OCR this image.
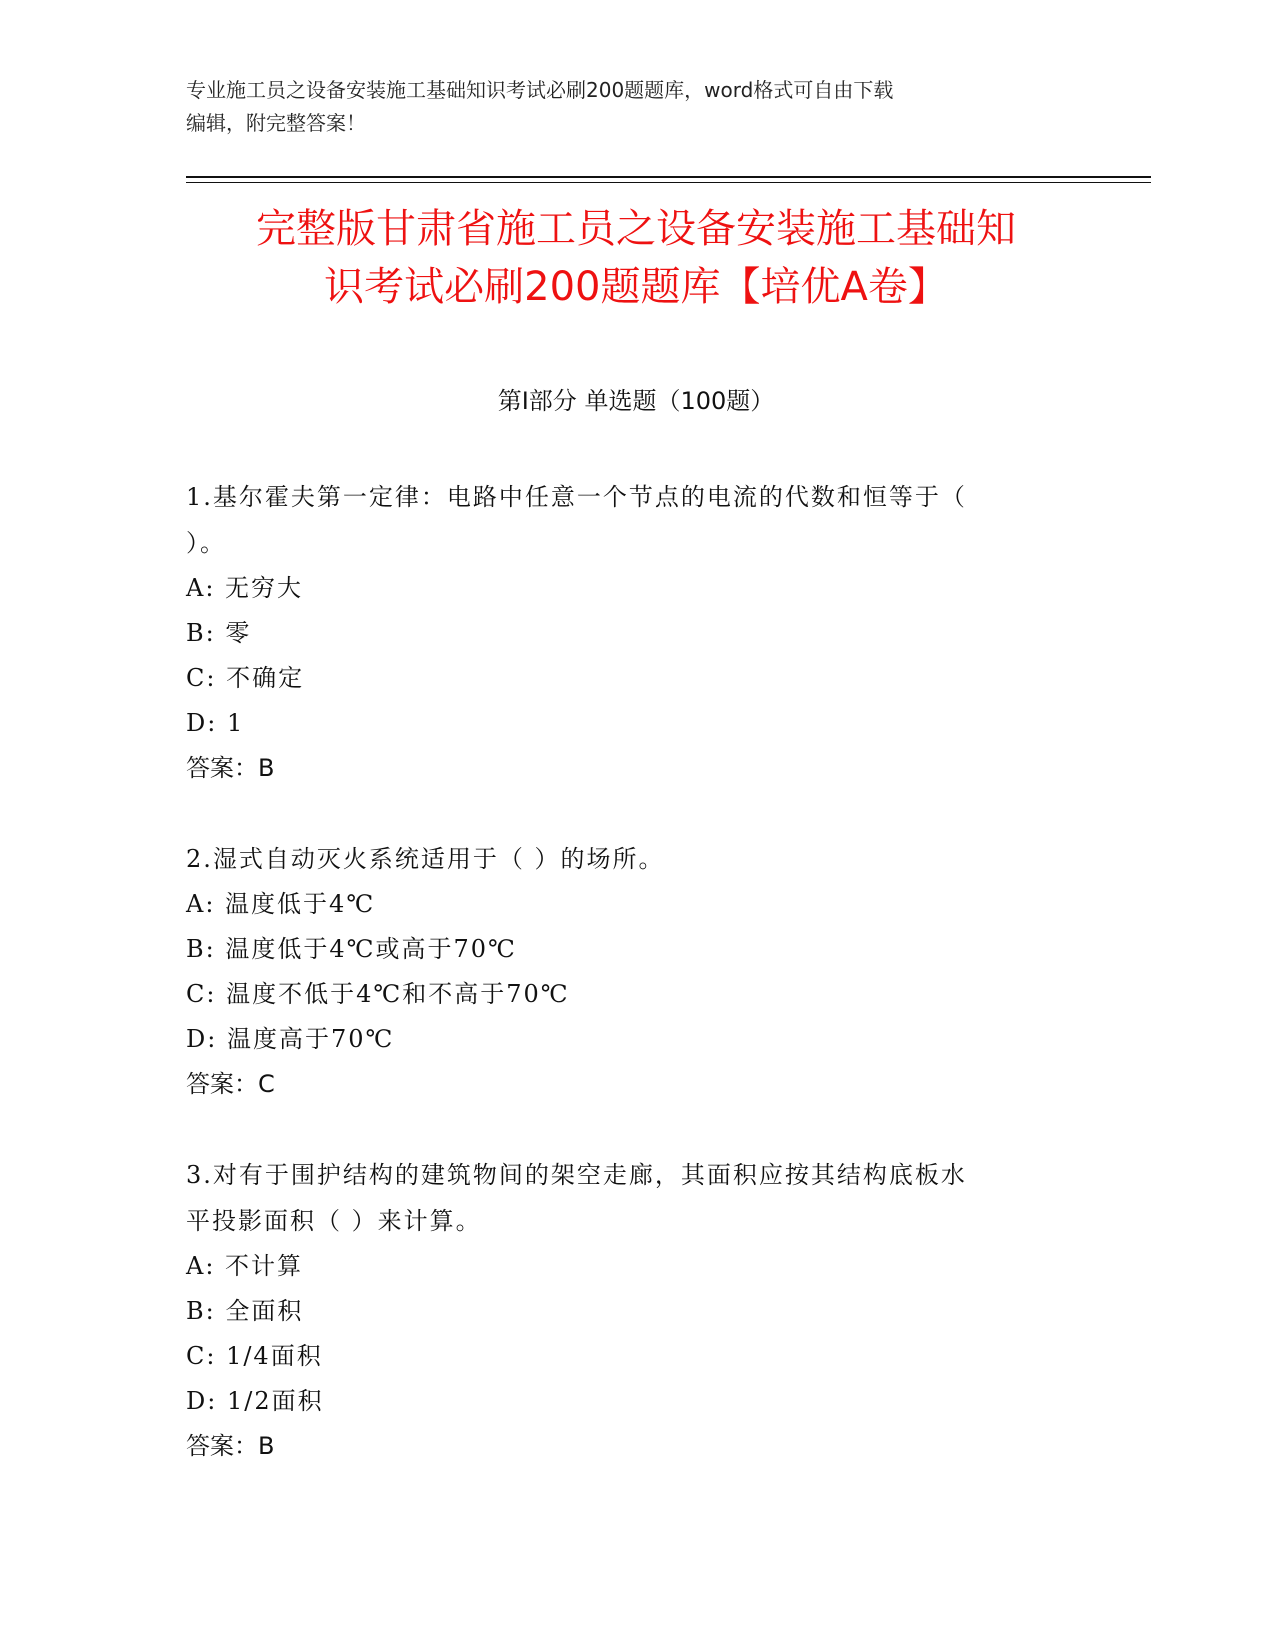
专业施工员之设备安装施工基础知识考试必刷200题题库，word格式可自由下载
编辑，附完整答案！

完整版甘肃省施工员之设备安装施工基础知
识考试必刷200题题库【培优A卷】
第Ⅰ部分 单选题（100题）

1.基尔霍夫第一定律：电路中任意一个节点的电流的代数和恒等于（
）。

A: 无穷大

B: 零

C: 不确定

D: 1

答案：B

2.湿式自动灭火系统适用于（ ）的场所。

A: 温度低于4℃

B: 温度低于4℃或高于70℃

C: 温度不低于4℃和不高于70℃

D: 温度高于70℃

答案：C

3.对有于围护结构的建筑物间的架空走廊，其面积应按其结构底板水
平投影面积（ ）来计算。

A: 不计算

B: 全面积

C: 1/4面积

D: 1/2面积

答案：B
